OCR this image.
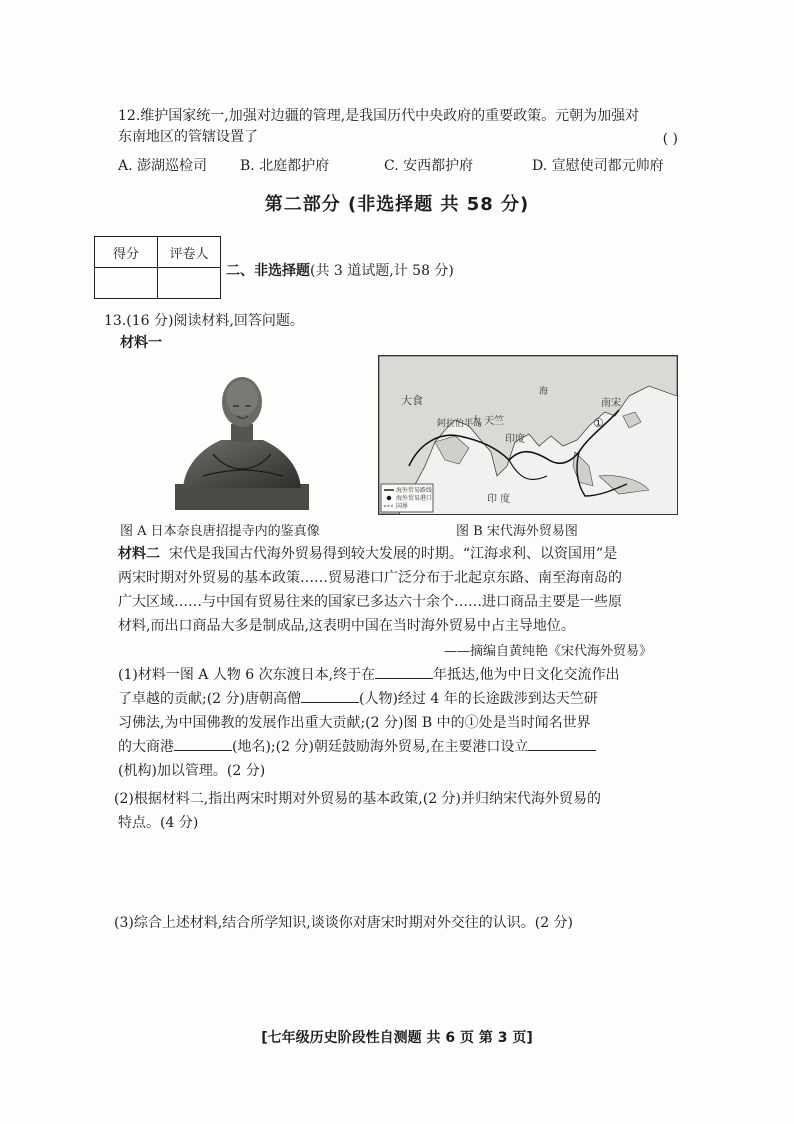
12.维护国家统一,加强对边疆的管理,是我国历代中央政府的重要政策。元朝为加强对
东南地区的管辖设置了	( )
A. 澎湖巡检司 B. 北庭都护府	C. 安西都护府	D. 宣慰使司都元帅府
第二部分 (非选择题 共 58 分)
得分	评卷人

二、非选择题(共 3 道试题,计 58 分)
13.(16 分)阅读材料,回答问题。
材料一
大食
阿拉伯半岛
大 天竺
印度
南宋
①
印 度
海
海外贸易路线
海外贸易港口
国界
图 A 日本奈良唐招提寺内的鉴真像	图 B 宋代海外贸易图
材料二 宋代是我国古代海外贸易得到较大发展的时期。“江海求利、以资国用”是
两宋时期对外贸易的基本政策……贸易港口广泛分布于北起京东路、南至海南岛的
广大区域……与中国有贸易往来的国家已多达六十余个……进口商品主要是一些原
材料,而出口商品大多是制成品,这表明中国在当时海外贸易中占主导地位。
——摘编自黄纯艳《宋代海外贸易》
(1)材料一图 A 人物 6 次东渡日本,终于在	年抵达,他为中日文化交流作出
了卓越的贡献;(2 分)唐朝高僧	(人物)经过 4 年的长途跋涉到达天竺研
习佛法,为中国佛教的发展作出重大贡献;(2 分)图 B 中的①处是当时闻名世界
的大商港	(地名);(2 分)朝廷鼓励海外贸易,在主要港口设立
(机构)加以管理。(2 分)
(2)根据材料二,指出两宋时期对外贸易的基本政策,(2 分)并归纳宋代海外贸易的
特点。(4 分)
(3)综合上述材料,结合所学知识,谈谈你对唐宋时期对外交往的认识。(2 分)
[七年级历史阶段性自测题 共 6 页 第 3 页]
